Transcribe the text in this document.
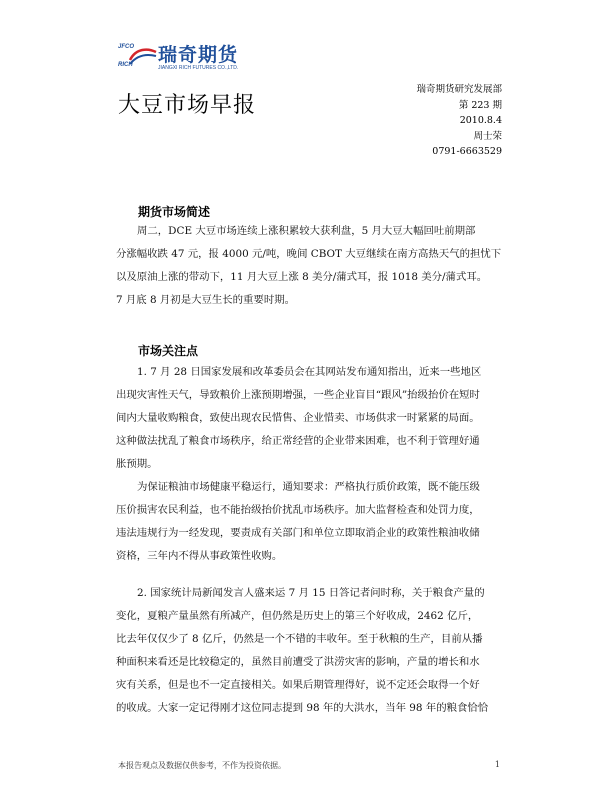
JFCO
RICH 瑞奇期货
JIANGXI RICH FUTURES CO.,LTD.
大豆市场早报
瑞奇期货研究发展部
第 223 期
2010.8.4
周士荣
0791-6663529
期货市场简述
周二，DCE 大豆市场连续上涨积累较大获利盘，5 月大豆大幅回吐前期部
分涨幅收跌 47 元，报 4000 元/吨，晚间 CBOT 大豆继续在南方高热天气的担忧下
以及原油上涨的带动下，11 月大豆上涨 8 美分/蒲式耳，报 1018 美分/蒲式耳。
7 月底 8 月初是大豆生长的重要时期。
市场关注点
1. 7 月 28 日国家发展和改革委员会在其网站发布通知指出，近来一些地区
出现灾害性天气，导致粮价上涨预期增强，一些企业盲目“跟风”抬级抬价在短时
间内大量收购粮食，致使出现农民惜售、企业惜卖、市场供求一时紧紧的局面。
这种做法扰乱了粮食市场秩序，给正常经营的企业带来困难，也不利于管理好通
胀预期。
为保证粮油市场健康平稳运行，通知要求：严格执行质价政策，既不能压级
压价损害农民利益，也不能抬级抬价扰乱市场秩序。加大监督检查和处罚力度，
违法违规行为一经发现，要责成有关部门和单位立即取消企业的政策性粮油收储
资格，三年内不得从事政策性收购。
2. 国家统计局新闻发言人盛来运 7 月 15 日答记者问时称，关于粮食产量的
变化，夏粮产量虽然有所减产，但仍然是历史上的第三个好收成，2462 亿斤，
比去年仅仅少了 8 亿斤，仍然是一个不错的丰收年。至于秋粮的生产，目前从播
种面积来看还是比较稳定的，虽然目前遭受了洪涝灾害的影响，产量的增长和水
灾有关系，但是也不一定直接相关。如果后期管理得好，说不定还会取得一个好
的收成。大家一定记得刚才这位同志提到 98 年的大洪水，当年 98 年的粮食恰恰
本报告观点及数据仅供参考，不作为投资依据。	1
